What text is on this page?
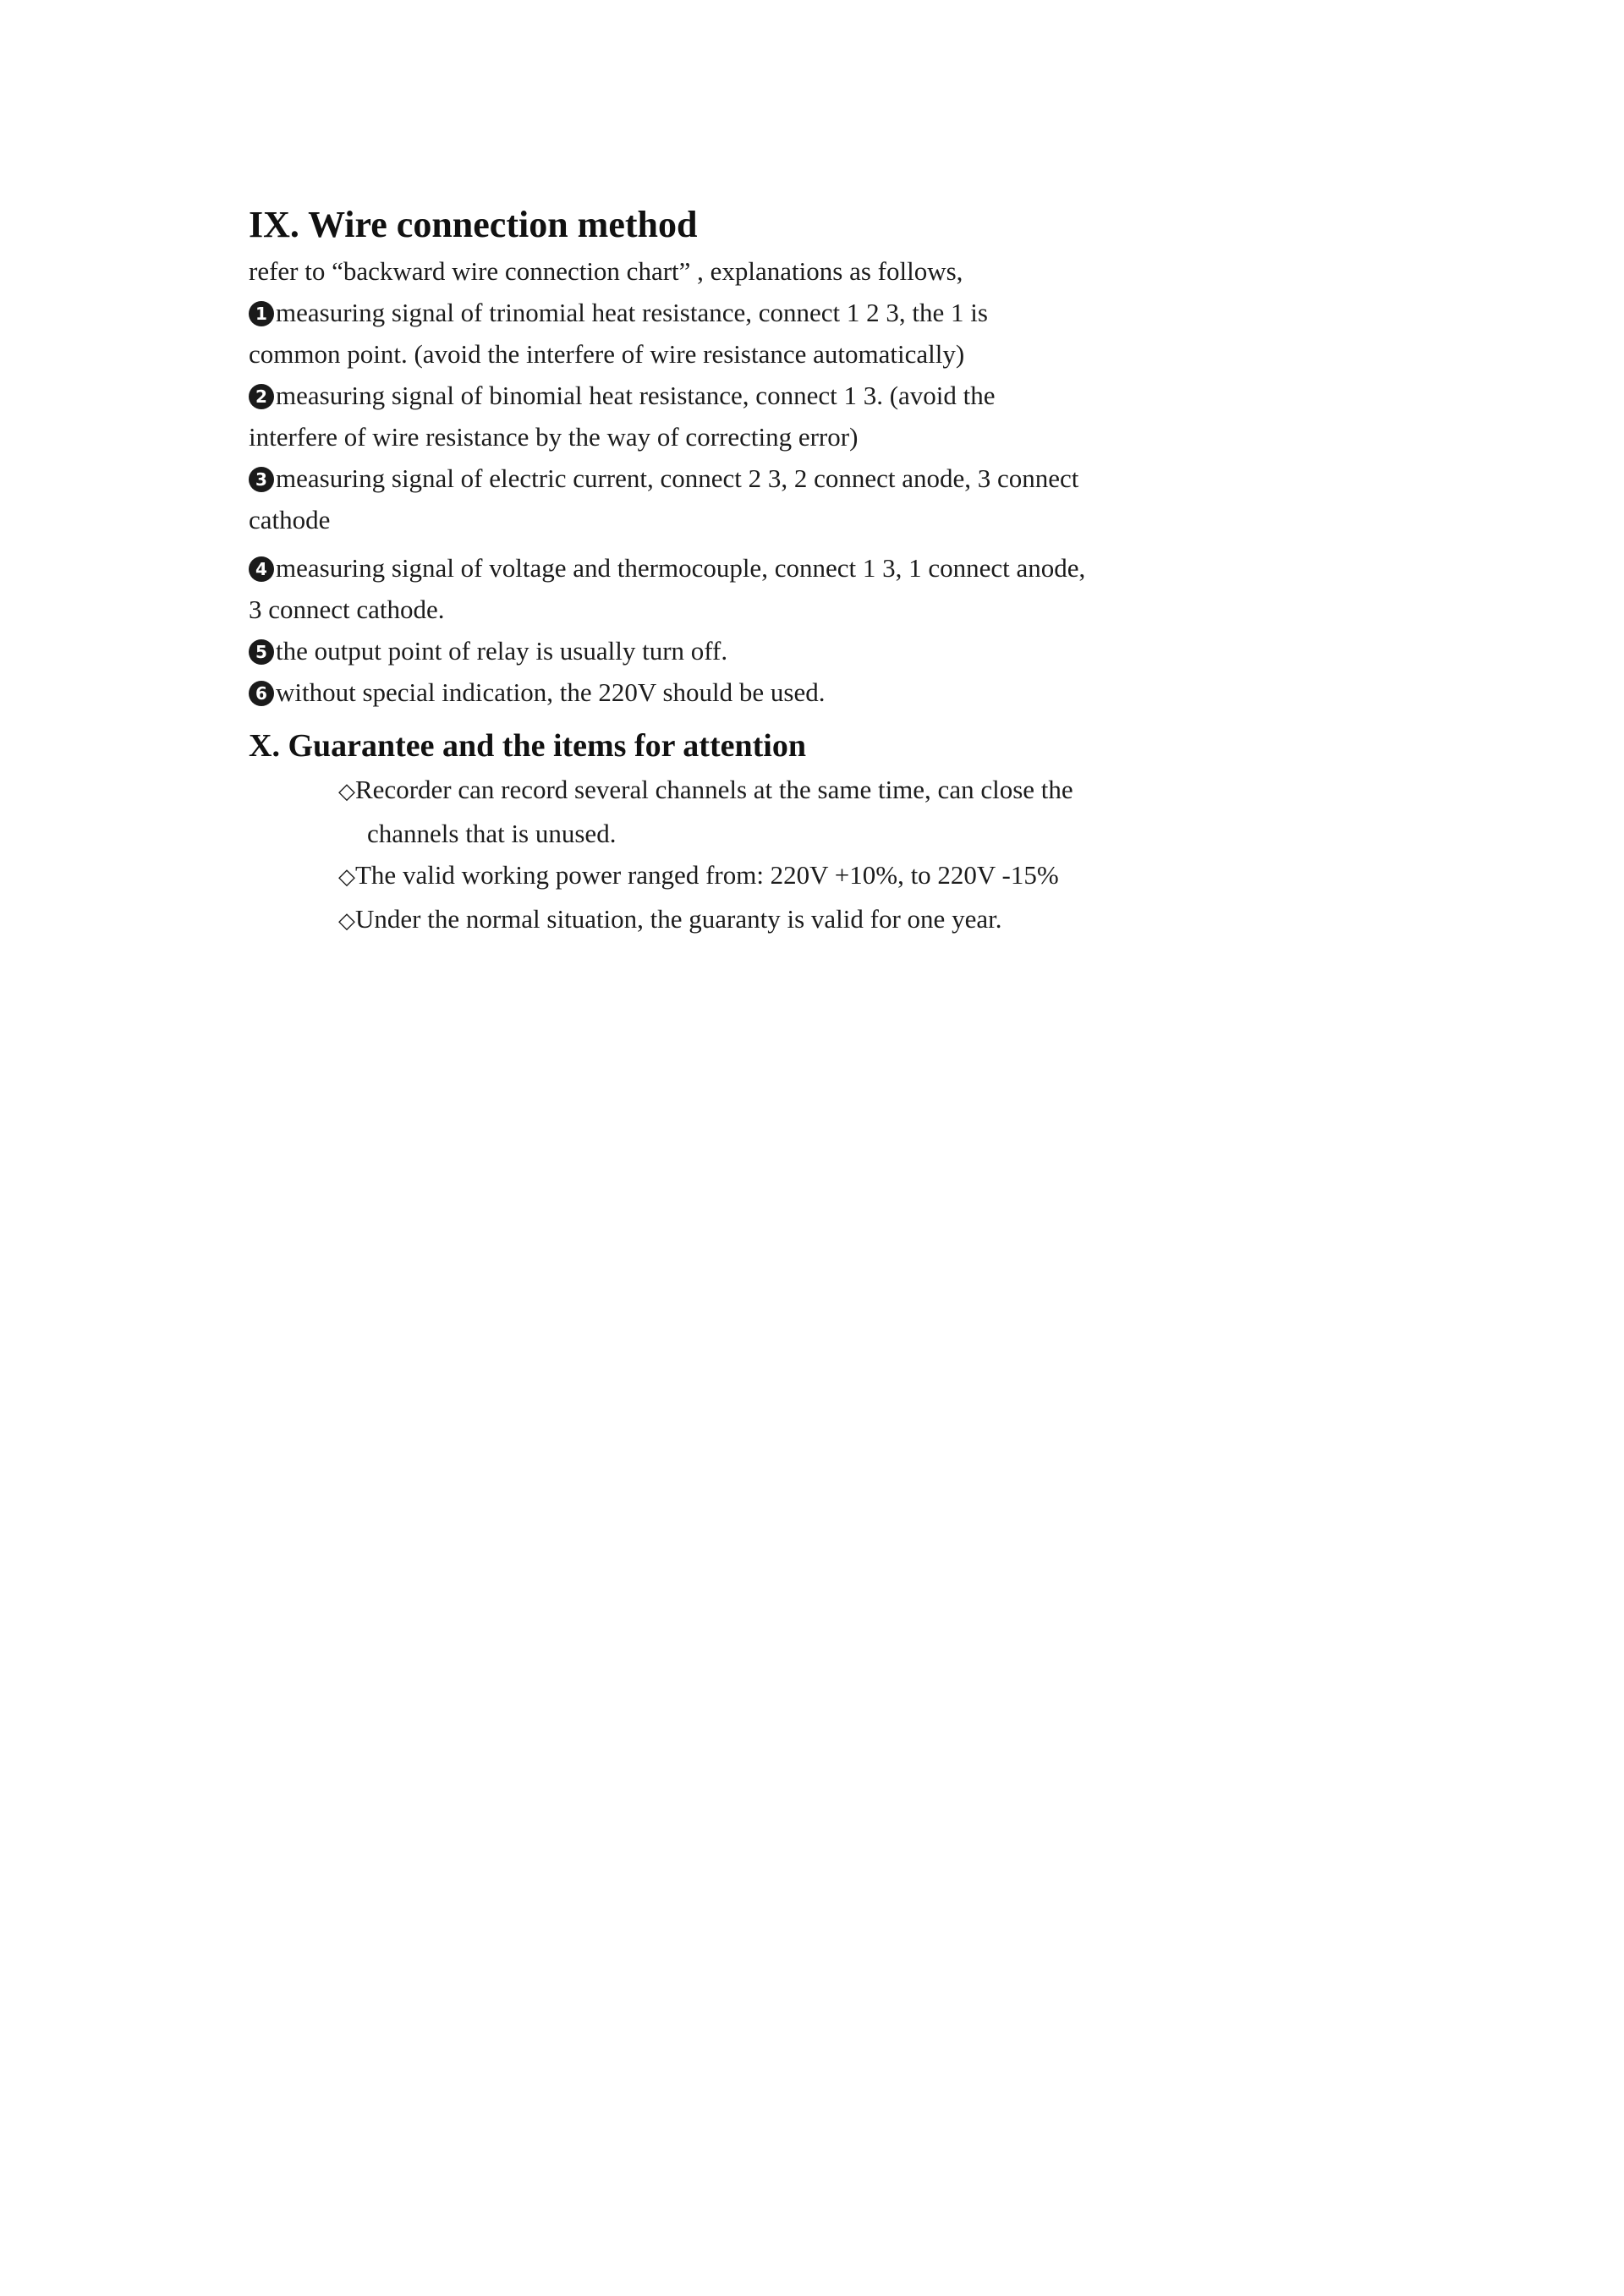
IX. Wire connection method

refer to “backward wire connection chart” , explanations as follows,

1 measuring signal of trinomial heat resistance, connect 1 2 3, the 1 is

common point. (avoid the interfere of wire resistance automatically)

2 measuring signal of binomial heat resistance, connect 1 3. (avoid the

interfere of wire resistance by the way of correcting error)

3 measuring signal of electric current, connect 2 3, 2 connect anode, 3 connect

cathode

4 measuring signal of voltage and thermocouple, connect 1 3, 1 connect anode,

3 connect cathode.

5 the output point of relay is usually turn off.

6 without special indication, the 220V should be used.

X. Guarantee and the items for attention

◇Recorder can record several channels at the same time, can close the

channels that is unused.

◇The valid working power ranged from: 220V +10%, to 220V -15%

◇Under the normal situation, the guaranty is valid for one year.
